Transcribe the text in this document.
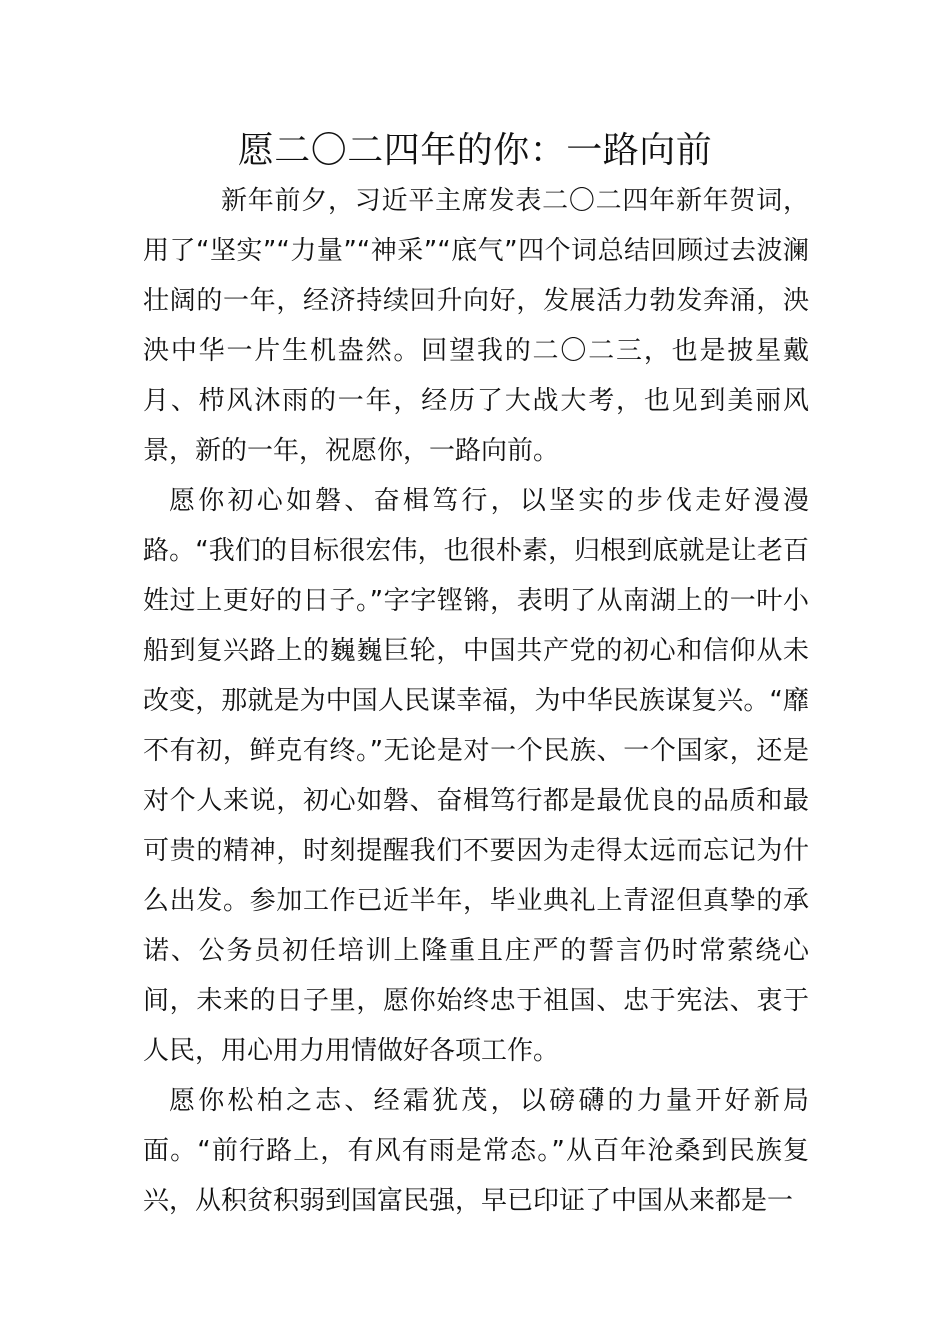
愿二〇二四年的你：一路向前

新年前夕，习近平主席发表二〇二四年新年贺词，用了“坚实”“力量”“神采”“底气”四个词总结回顾过去波澜壮阔的一年，经济持续回升向好，发展活力勃发奔涌，泱泱中华一片生机盎然。回望我的二〇二三，也是披星戴月、栉风沐雨的一年，经历了大战大考，也见到美丽风景，新的一年，祝愿你，一路向前。

愿你初心如磐、奋楫笃行，以坚实的步伐走好漫漫路。“我们的目标很宏伟，也很朴素，归根到底就是让老百姓过上更好的日子。”字字铿锵，表明了从南湖上的一叶小船到复兴路上的巍巍巨轮，中国共产党的初心和信仰从未改变，那就是为中国人民谋幸福，为中华民族谋复兴。“靡不有初，鲜克有终。”无论是对一个民族、一个国家，还是对个人来说，初心如磐、奋楫笃行都是最优良的品质和最可贵的精神，时刻提醒我们不要因为走得太远而忘记为什么出发。参加工作已近半年，毕业典礼上青涩但真挚的承诺、公务员初任培训上隆重且庄严的誓言仍时常萦绕心间，未来的日子里，愿你始终忠于祖国、忠于宪法、衷于人民，用心用力用情做好各项工作。

愿你松柏之志、经霜犹茂，以磅礴的力量开好新局面。“前行路上，有风有雨是常态。”从百年沧桑到民族复兴，从积贫积弱到国富民强，早已印证了中国从来都是一
